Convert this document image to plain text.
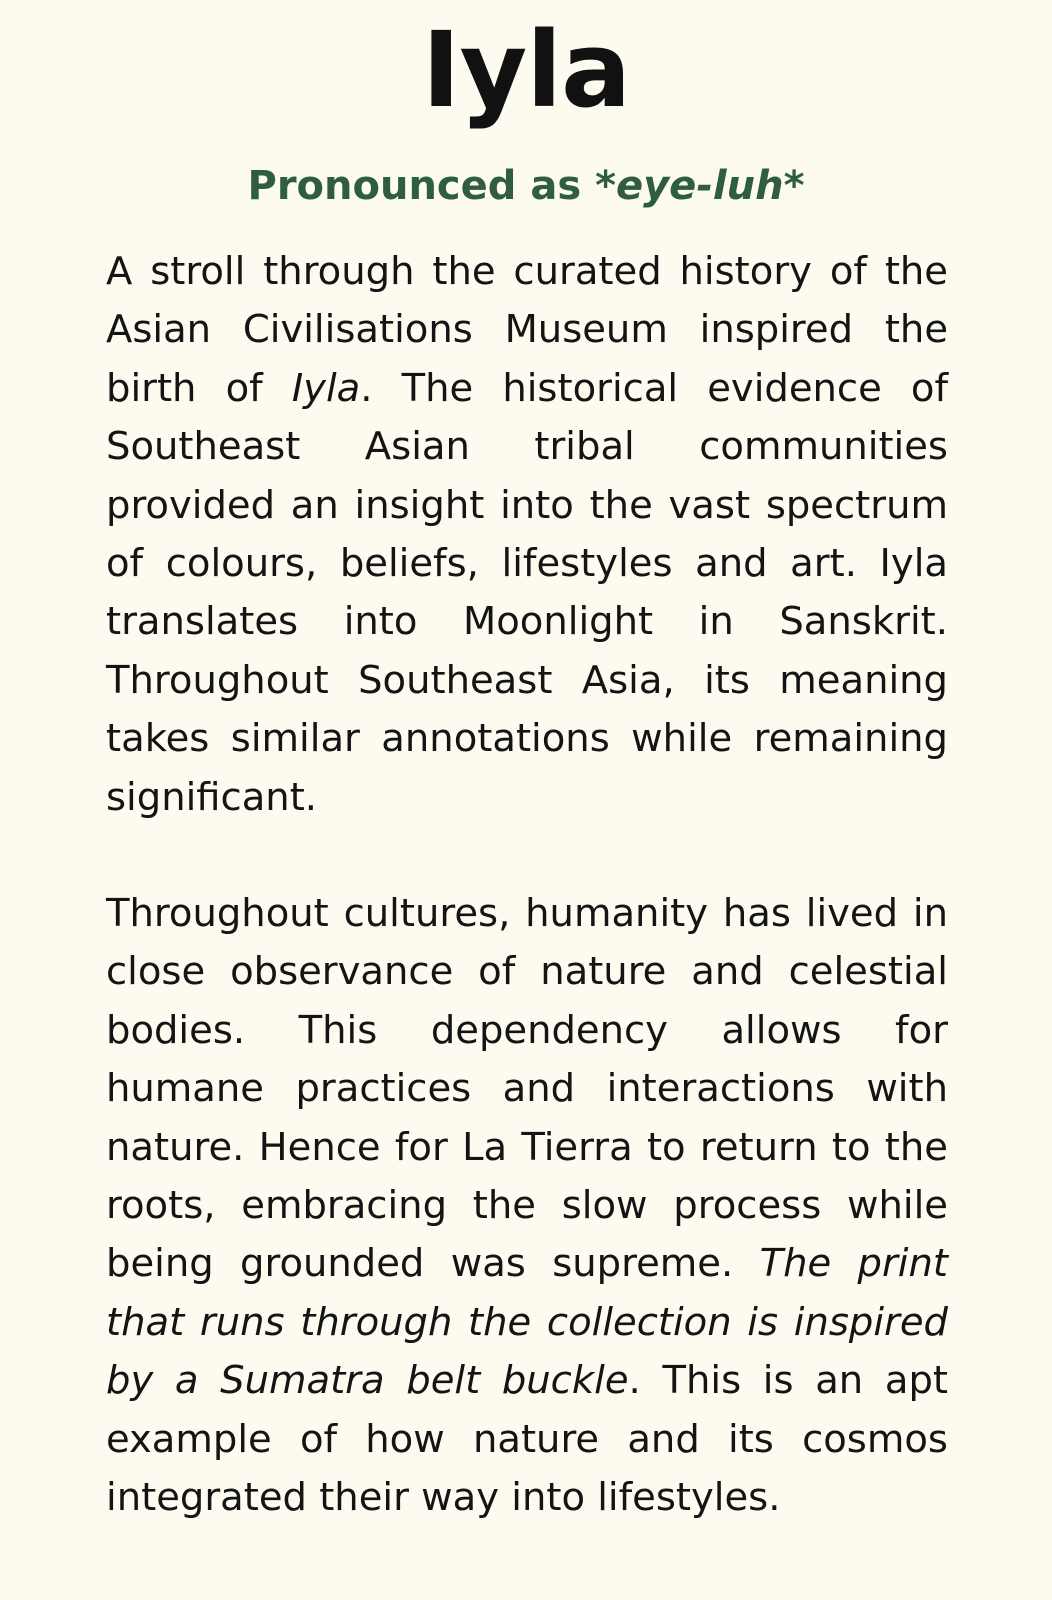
Iyla
Pronounced as *eye-luh*

A stroll through the curated history of the Asian Civilisations Museum inspired the birth of Iyla. The historical evidence of Southeast Asian tribal communities provided an insight into the vast spectrum of colours, beliefs, lifestyles and art. Iyla translates into Moonlight in Sanskrit. Throughout Southeast Asia, its meaning takes similar annotations while remaining significant.

Throughout cultures, humanity has lived in close observance of nature and celestial bodies. This dependency allows for humane practices and interactions with nature. Hence for La Tierra to return to the roots, embracing the slow process while being grounded was supreme. The print that runs through the collection is inspired by a Sumatra belt buckle. This is an apt example of how nature and its cosmos integrated their way into lifestyles.
